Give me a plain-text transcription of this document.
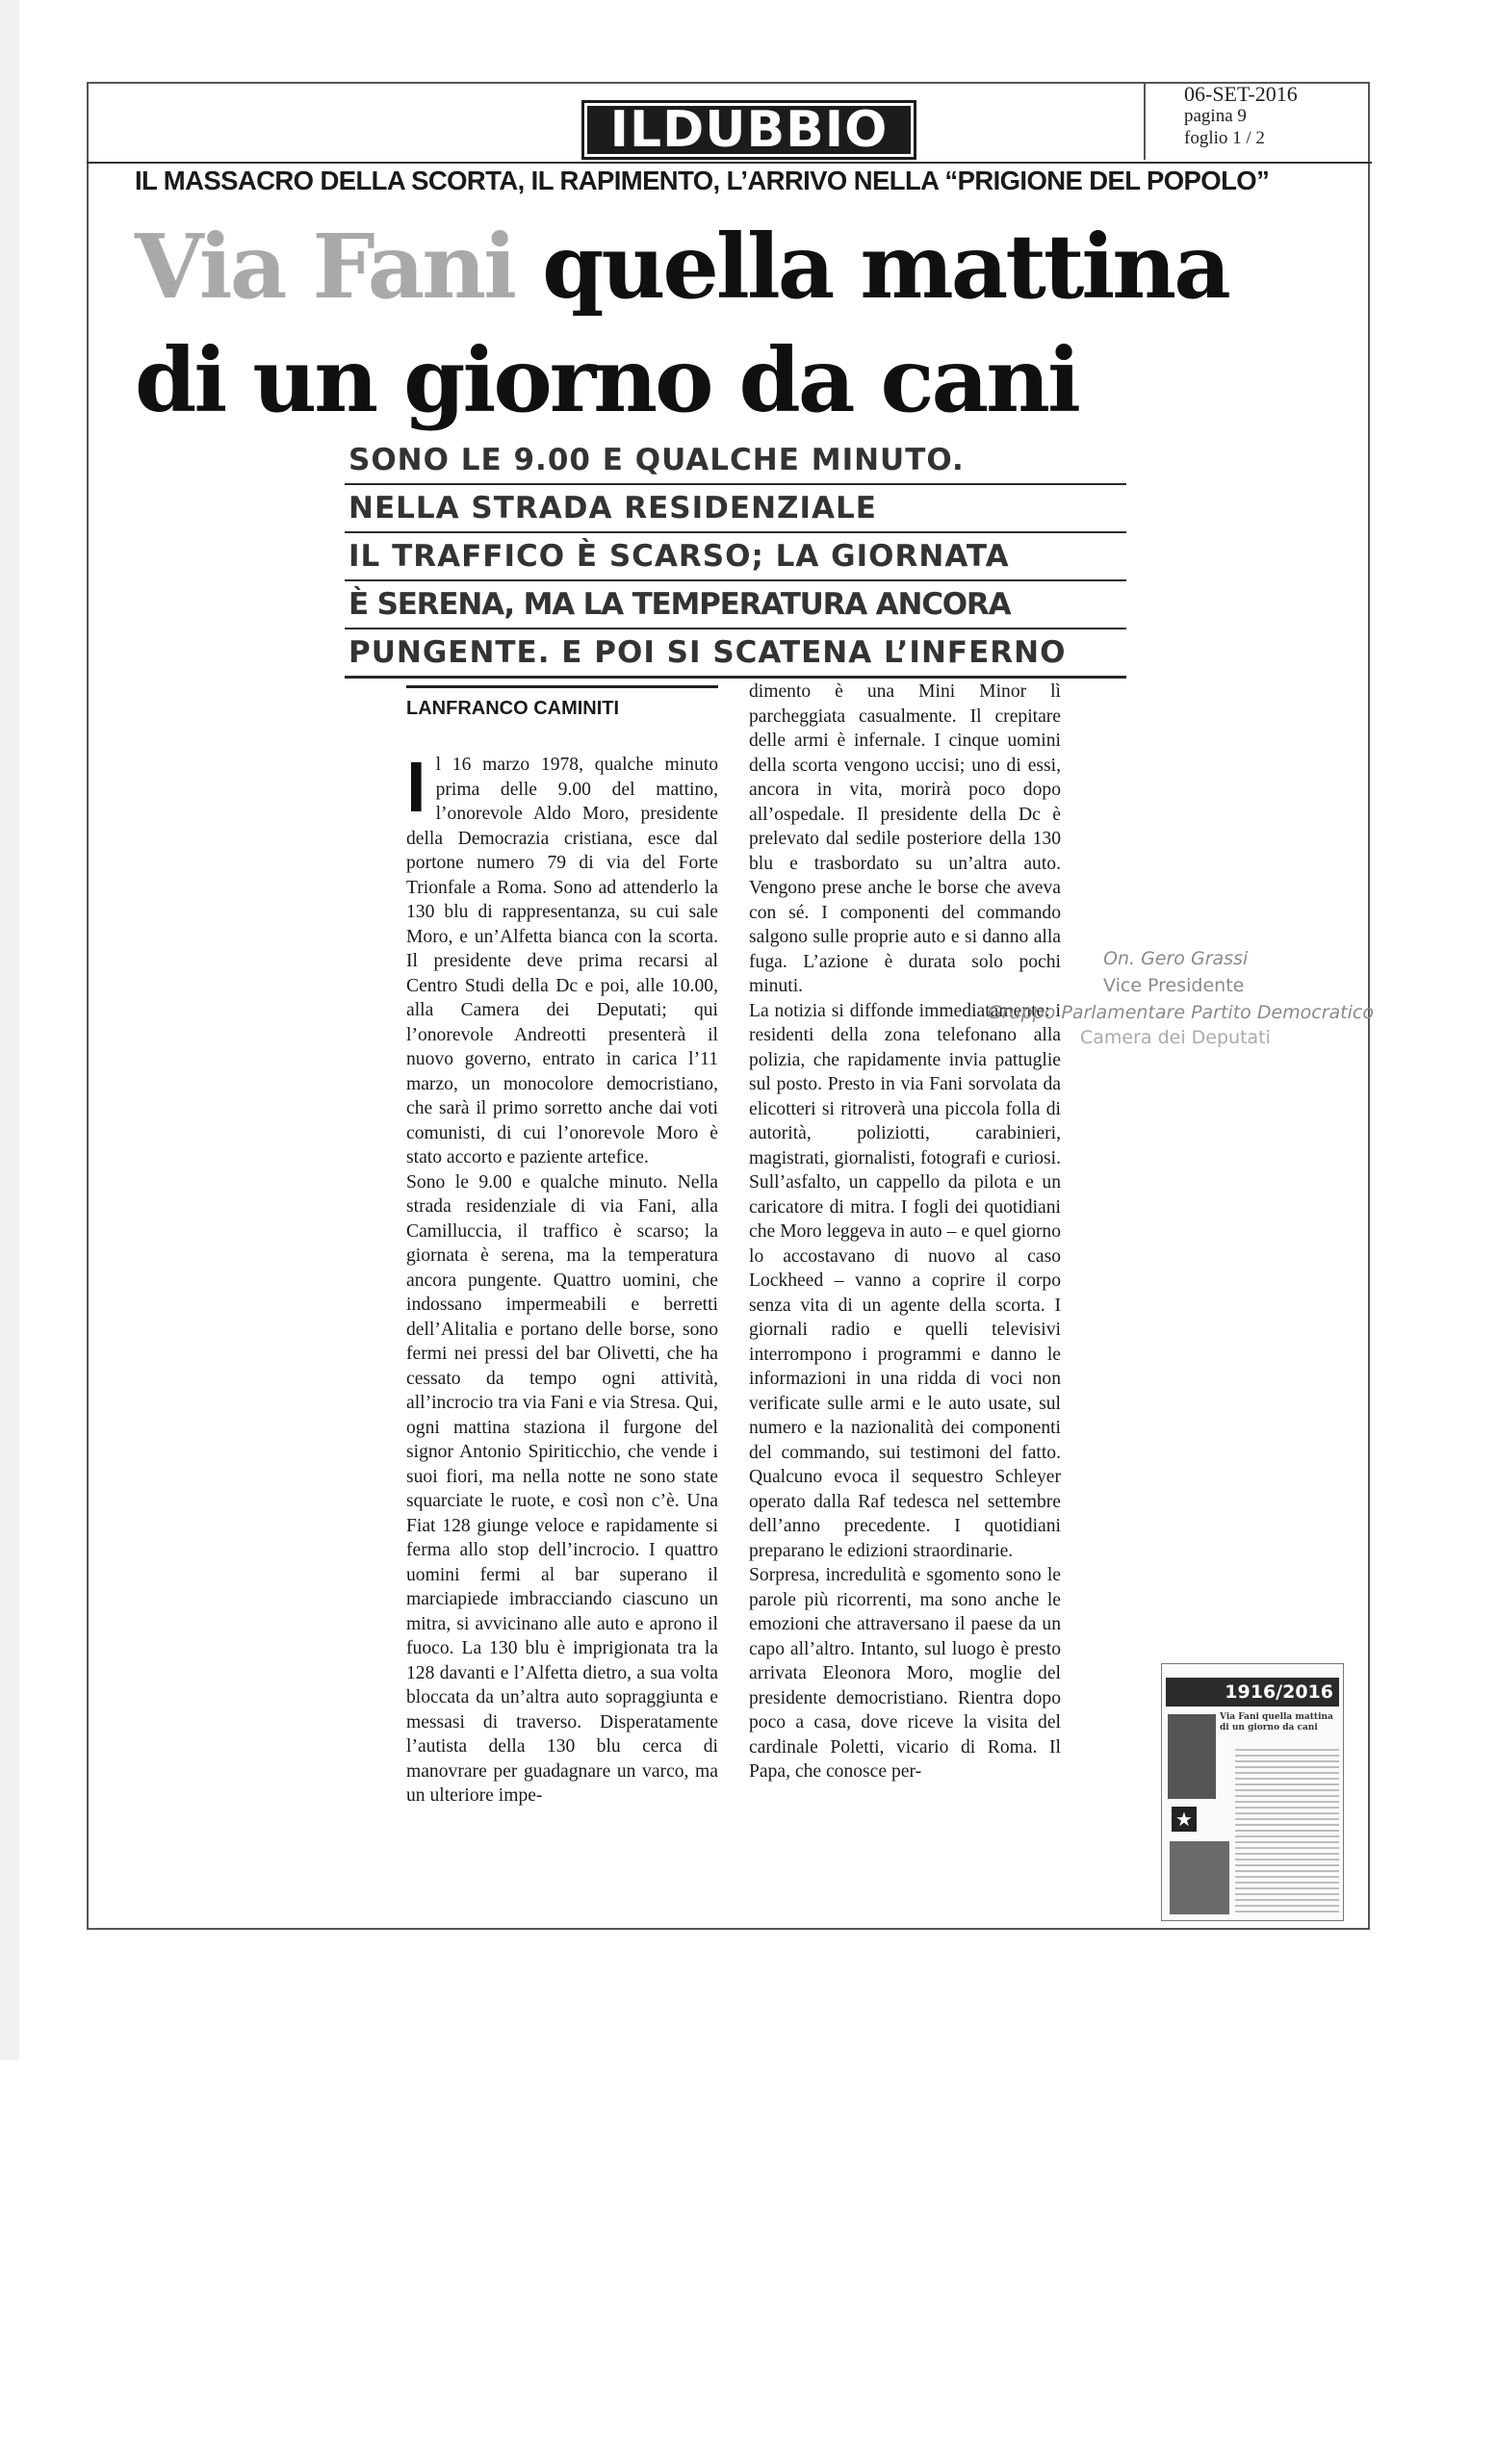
ILDUBBIO
06-SET-2016
pagina 9
foglio 1 / 2
IL MASSACRO DELLA SCORTA, IL RAPIMENTO, L’ARRIVO NELLA “PRIGIONE DEL POPOLO”
Via Fani quella mattina
di un giorno da cani
SONO LE 9.00 E QUALCHE MINUTO.
NELLA STRADA RESIDENZIALE
IL TRAFFICO È SCARSO; LA GIORNATA
È SERENA, MA LA TEMPERATURA ANCORA
PUNGENTE. E POI SI SCATENA L’INFERNO
LANFRANCO CAMINITI

Il 16 marzo 1978, qualche minuto prima delle 9.00 del mattino, l’onorevole Aldo Moro, presidente della Democrazia cristiana, esce dal portone numero 79 di via del Forte Trionfale a Roma. Sono ad attenderlo la 130 blu di rappresentanza, su cui sale Moro, e un’Alfetta bianca con la scorta. Il presidente deve prima recarsi al Centro Studi della Dc e poi, alle 10.00, alla Camera dei Deputati; qui l’onorevole Andreotti presenterà il nuovo governo, entrato in carica l’11 marzo, un monocolore democristiano, che sarà il primo sorretto anche dai voti comunisti, di cui l’onorevole Moro è stato accorto e paziente artefice.

Sono le 9.00 e qualche minuto. Nella strada residenziale di via Fani, alla Camilluccia, il traffico è scarso; la giornata è serena, ma la temperatura ancora pungente. Quattro uomini, che indossano impermeabili e berretti dell’Alitalia e portano delle borse, sono fermi nei pressi del bar Olivetti, che ha cessato da tempo ogni attività, all’incrocio tra via Fani e via Stresa. Qui, ogni mattina staziona il furgone del signor Antonio Spiriticchio, che vende i suoi fiori, ma nella notte ne sono state squarciate le ruote, e così non c’è. Una Fiat 128 giunge veloce e rapidamente si ferma allo stop dell’incrocio. I quattro uomini fermi al bar superano il marciapiede imbracciando ciascuno un mitra, si avvicinano alle auto e aprono il fuoco. La 130 blu è imprigionata tra la 128 davanti e l’Alfetta dietro, a sua volta bloccata da un’altra auto sopraggiunta e messasi di traverso. Disperatamente l’autista della 130 blu cerca di manovrare per guadagnare un varco, ma un ulteriore impe-

dimento è una Mini Minor lì parcheggiata casualmente. Il crepitare delle armi è infernale. I cinque uomini della scorta vengono uccisi; uno di essi, ancora in vita, morirà poco dopo all’ospedale. Il presidente della Dc è prelevato dal sedile posteriore della 130 blu e trasbordato su un’altra auto. Vengono prese anche le borse che aveva con sé. I componenti del commando salgono sulle proprie auto e si danno alla fuga. L’azione è durata solo pochi minuti.

La notizia si diffonde immediatamente: i residenti della zona telefonano alla polizia, che rapidamente invia pattuglie sul posto. Presto in via Fani sorvolata da elicotteri si ritroverà una piccola folla di autorità, poliziotti, carabinieri, magistrati, giornalisti, fotografi e curiosi. Sull’asfalto, un cappello da pilota e un caricatore di mitra. I fogli dei quotidiani che Moro leggeva in auto – e quel giorno lo accostavano di nuovo al caso Lockheed – vanno a coprire il corpo senza vita di un agente della scorta. I giornali radio e quelli televisivi interrompono i programmi e danno le informazioni in una ridda di voci non verificate sulle armi e le auto usate, sul numero e la nazionalità dei componenti del commando, sui testimoni del fatto. Qualcuno evoca il sequestro Schleyer operato dalla Raf tedesca nel settembre dell’anno precedente. I quotidiani preparano le edizioni straordinarie.

Sorpresa, incredulità e sgomento sono le parole più ricorrenti, ma sono anche le emozioni che attraversano il paese da un capo all’altro. Intanto, sul luogo è presto arrivata Eleonora Moro, moglie del presidente democristiano. Rientra dopo poco a casa, dove riceve la visita del cardinale Poletti, vicario di Roma. Il Papa, che conosce per-

On. Gero Grassi
Vice Presidente
Gruppo Parlamentare Partito Democratico
Camera dei Deputati
1916/2016
Via Fani quella mattina di un giorno da cani
★
